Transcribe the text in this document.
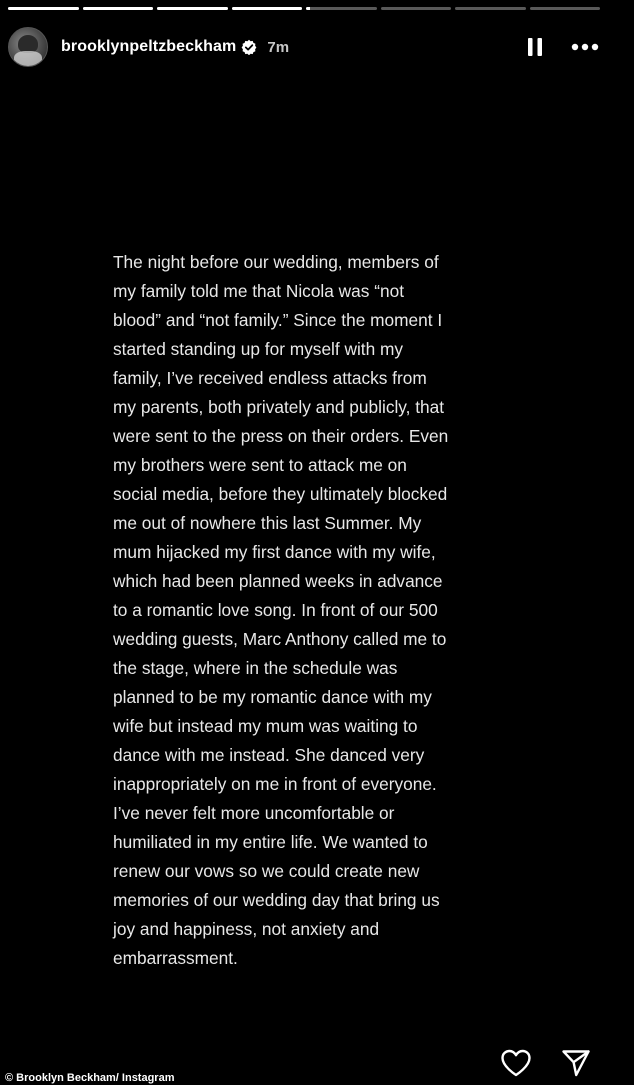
brooklynpeltzbeckham 7m
The night before our wedding, members of
my family told me that Nicola was “not
blood” and “not family.” Since the moment I
started standing up for myself with my
family, I’ve received endless attacks from
my parents, both privately and publicly, that
were sent to the press on their orders. Even
my brothers were sent to attack me on
social media, before they ultimately blocked
me out of nowhere this last Summer. My
mum hijacked my first dance with my wife,
which had been planned weeks in advance
to a romantic love song. In front of our 500
wedding guests, Marc Anthony called me to
the stage, where in the schedule was
planned to be my romantic dance with my
wife but instead my mum was waiting to
dance with me instead. She danced very
inappropriately on me in front of everyone.
I’ve never felt more uncomfortable or
humiliated in my entire life. We wanted to
renew our vows so we could create new
memories of our wedding day that bring us
joy and happiness, not anxiety and
embarrassment.
© Brooklyn Beckham/ Instagram
